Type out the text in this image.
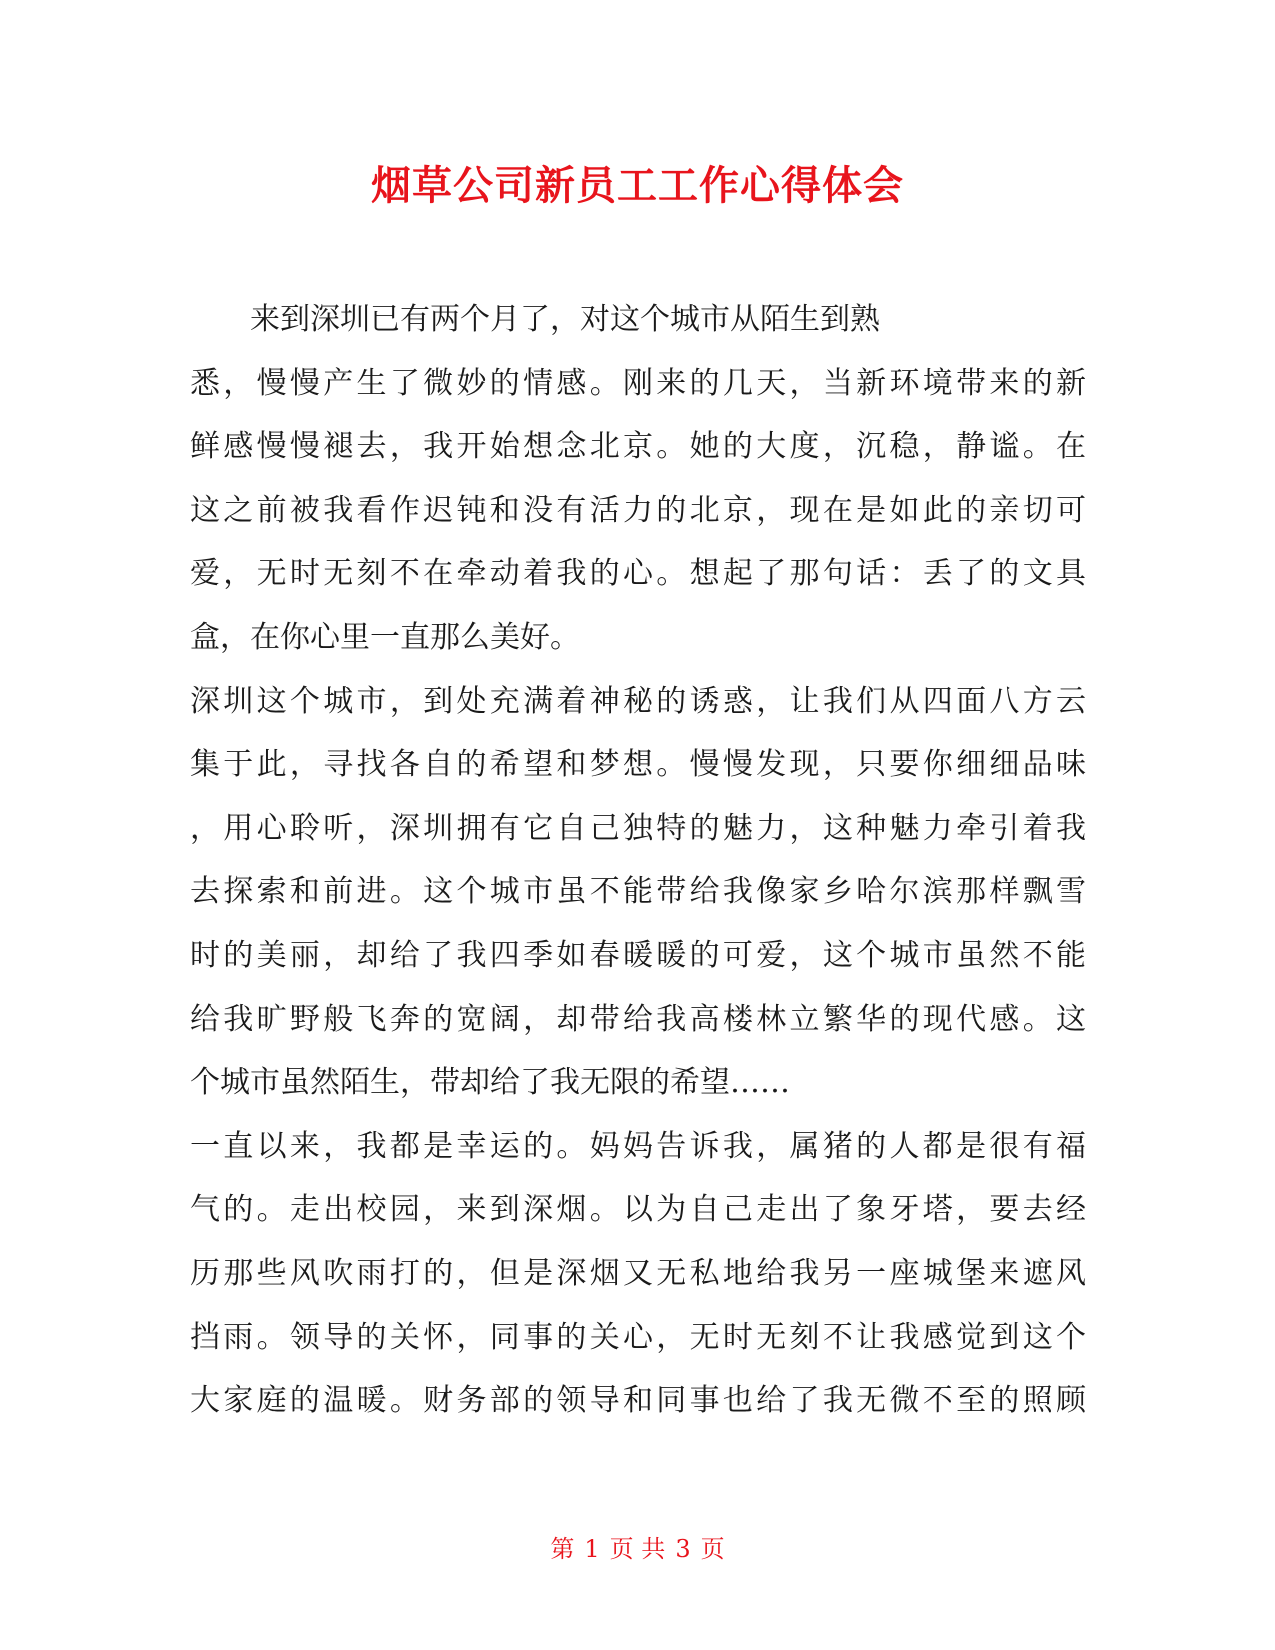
烟草公司新员工工作心得体会
来到深圳已有两个月了，对这个城市从陌生到熟
悉，慢慢产生了微妙的情感。刚来的几天，当新环境带来的新
鲜感慢慢褪去，我开始想念北京。她的大度，沉稳，静谧。在
这之前被我看作迟钝和没有活力的北京，现在是如此的亲切可
爱，无时无刻不在牵动着我的心。想起了那句话：丢了的文具
盒，在你心里一直那么美好。
深圳这个城市，到处充满着神秘的诱惑，让我们从四面八方云
集于此，寻找各自的希望和梦想。慢慢发现，只要你细细品味
，用心聆听，深圳拥有它自己独特的魅力，这种魅力牵引着我
去探索和前进。这个城市虽不能带给我像家乡哈尔滨那样飘雪
时的美丽，却给了我四季如春暖暖的可爱，这个城市虽然不能
给我旷野般飞奔的宽阔，却带给我高楼林立繁华的现代感。这
个城市虽然陌生，带却给了我无限的希望……
一直以来，我都是幸运的。妈妈告诉我，属猪的人都是很有福
气的。走出校园，来到深烟。以为自己走出了象牙塔，要去经
历那些风吹雨打的，但是深烟又无私地给我另一座城堡来遮风
挡雨。领导的关怀，同事的关心，无时无刻不让我感觉到这个
大家庭的温暖。财务部的领导和同事也给了我无微不至的照顾
第 1 页 共 3 页
